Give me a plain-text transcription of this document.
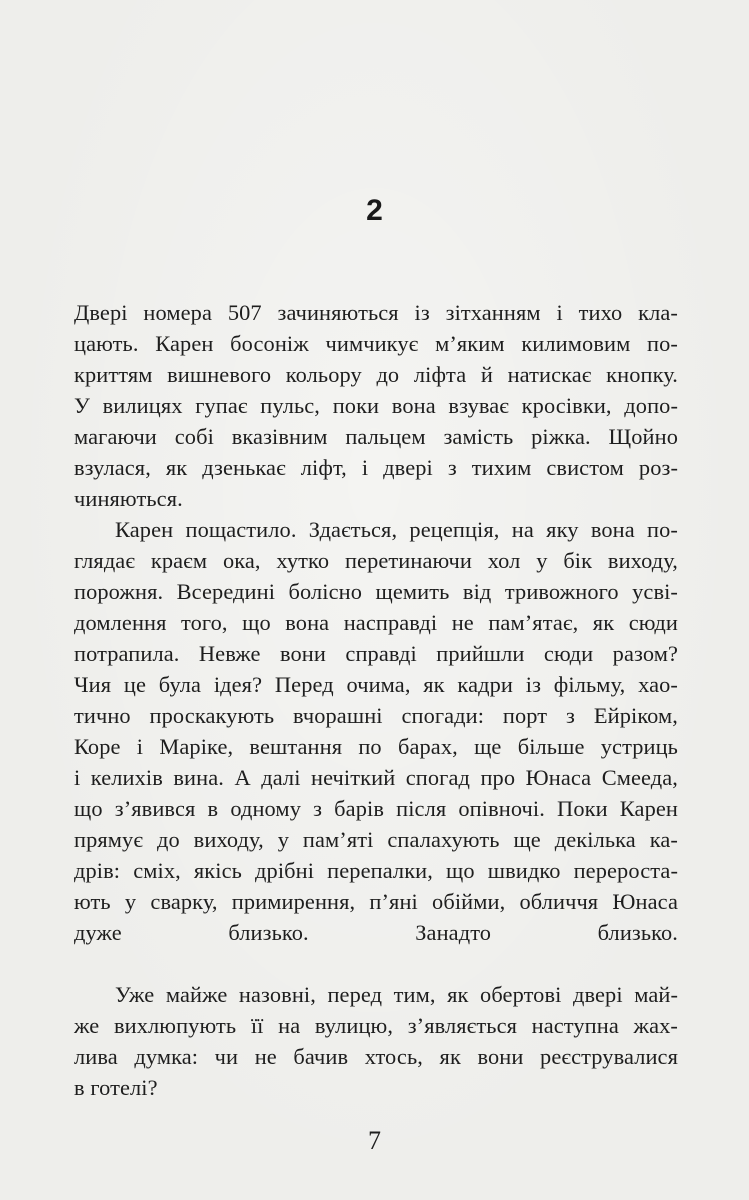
2
Двері номера 507 зачиняються із зітханням і тихо кла-
цають. Карен босоніж чимчикує м’яким килимовим по-
криттям вишневого кольору до ліфта й натискає кнопку.
У вилицях гупає пульс, поки вона взуває кросівки, допо-
магаючи собі вказівним пальцем замість ріжка. Щойно
взулася, як дзенькає ліфт, і двері з тихим свистом роз-
чиняються.
Карен пощастило. Здається, рецепція, на яку вона по-
глядає краєм ока, хутко перетинаючи хол у бік виходу,
порожня. Всередині болісно щемить від тривожного усві-
домлення того, що вона насправді не пам’ятає, як сюди
потрапила. Невже вони справді прийшли сюди разом?
Чия це була ідея? Перед очима, як кадри із фільму, хао-
тично проскакують вчорашні спогади: порт з Ейріком,
Коре і Маріке, вештання по барах, ще більше устриць
і келихів вина. А далі нечіткий спогад про Юнаса Смееда,
що з’явився в одному з барів після опівночі. Поки Карен
прямує до виходу, у пам’яті спалахують ще декілька ка-
дрів: сміх, якісь дрібні перепалки, що швидко перероста-
ють у сварку, примирення, п’яні обійми, обличчя Юнаса
дуже близько. Занадто близько.
Уже майже назовні, перед тим, як обертові двері май-
же вихлюпують її на вулицю, з’являється наступна жах-
лива думка: чи не бачив хтось, як вони реєструвалися
в готелі?
7
